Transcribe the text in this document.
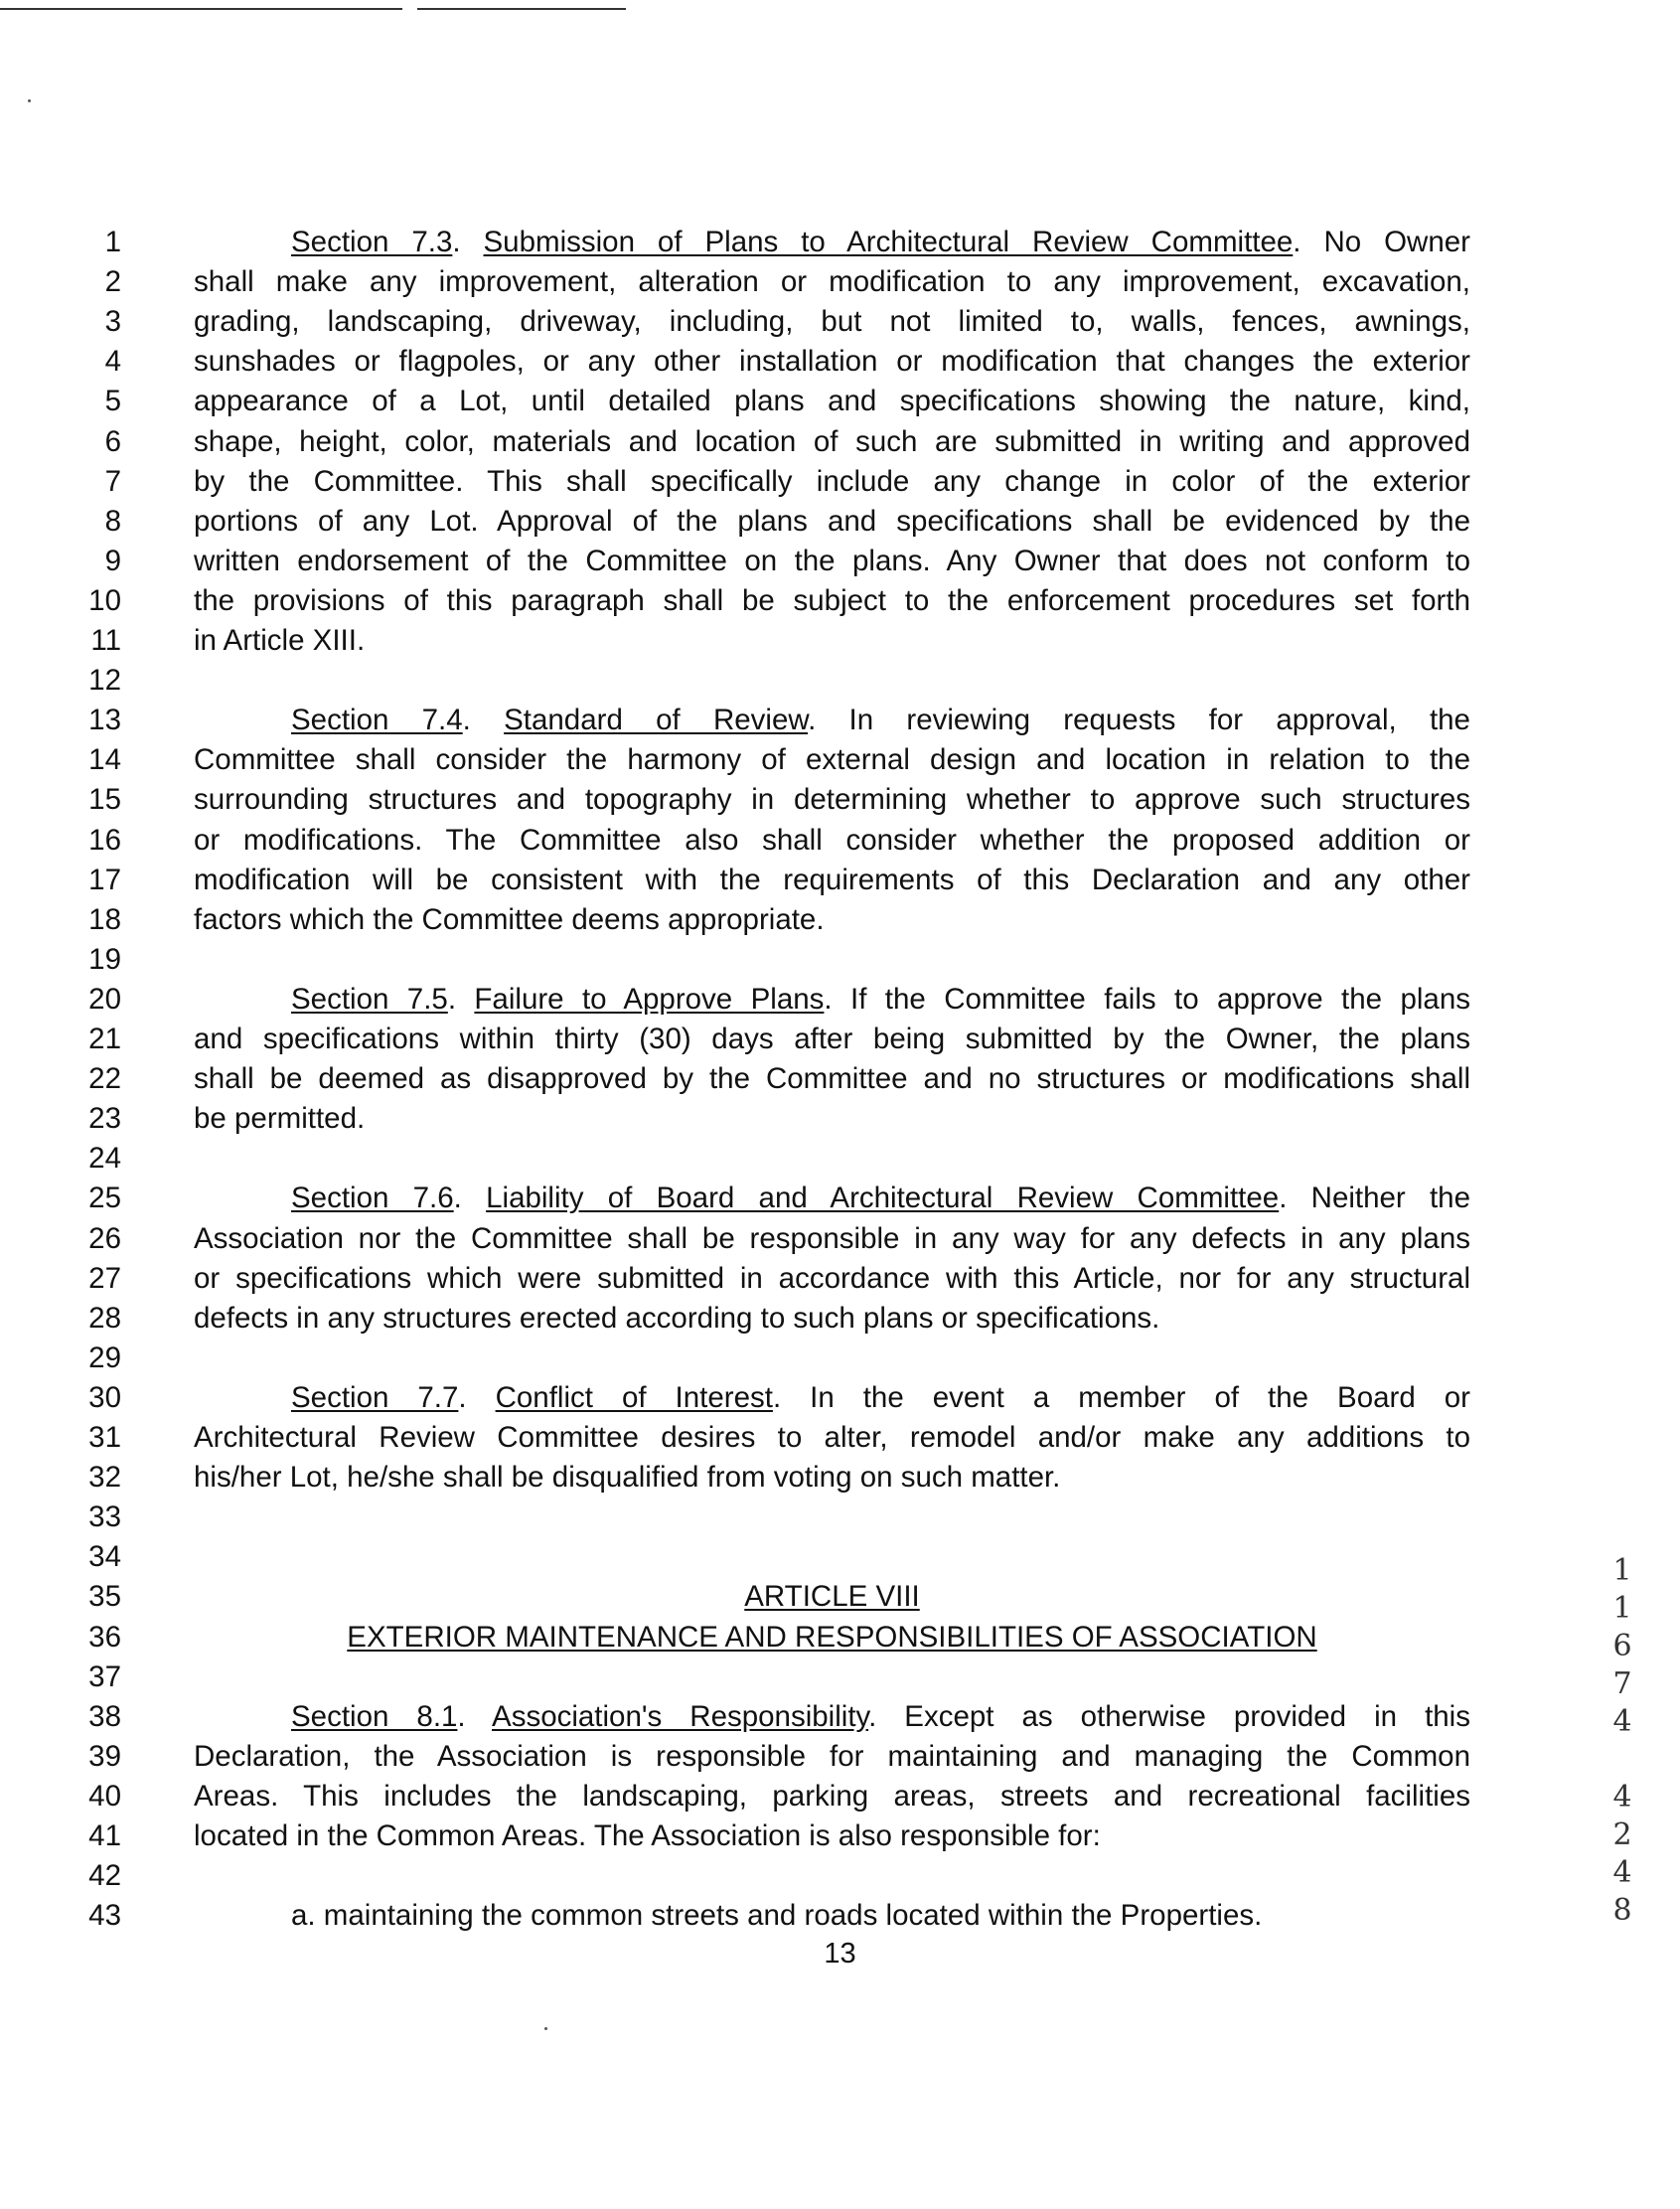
1	Section 7.3. Submission of Plans to Architectural Review Committee. No Owner
2 shall make any improvement, alteration or modification to any improvement, excavation,
3 grading, landscaping, driveway, including, but not limited to, walls, fences, awnings,
4 sunshades or flagpoles, or any other installation or modification that changes the exterior
5 appearance of a Lot, until detailed plans and specifications showing the nature, kind,
6 shape, height, color, materials and location of such are submitted in writing and approved
7 by the Committee. This shall specifically include any change in color of the exterior
8 portions of any Lot. Approval of the plans and specifications shall be evidenced by the
9 written endorsement of the Committee on the plans. Any Owner that does not conform to
10 the provisions of this paragraph shall be subject to the enforcement procedures set forth
11 in Article XIII.
12
13	Section 7.4. Standard of Review. In reviewing requests for approval, the
14 Committee shall consider the harmony of external design and location in relation to the
15 surrounding structures and topography in determining whether to approve such structures
16 or modifications. The Committee also shall consider whether the proposed addition or
17 modification will be consistent with the requirements of this Declaration and any other
18 factors which the Committee deems appropriate.
19
20	Section 7.5. Failure to Approve Plans. If the Committee fails to approve the plans
21 and specifications within thirty (30) days after being submitted by the Owner, the plans
22 shall be deemed as disapproved by the Committee and no structures or modifications shall
23 be permitted.
24
25	Section 7.6. Liability of Board and Architectural Review Committee. Neither the
26 Association nor the Committee shall be responsible in any way for any defects in any plans
27 or specifications which were submitted in accordance with this Article, nor for any structural
28 defects in any structures erected according to such plans or specifications.
29
30	Section 7.7. Conflict of Interest. In the event a member of the Board or
31 Architectural Review Committee desires to alter, remodel and/or make any additions to
32 his/her Lot, he/she shall be disqualified from voting on such matter.
33
34
35	ARTICLE VIII
36	EXTERIOR MAINTENANCE AND RESPONSIBILITIES OF ASSOCIATION
37
38	Section 8.1. Association's Responsibility. Except as otherwise provided in this
39 Declaration, the Association is responsible for maintaining and managing the Common
40 Areas. This includes the landscaping, parking areas, streets and recreational facilities
41 located in the Common Areas. The Association is also responsible for:
42
43	a. maintaining the common streets and roads located within the Properties.
13
1
1
6
7
4
4
2
4
8
